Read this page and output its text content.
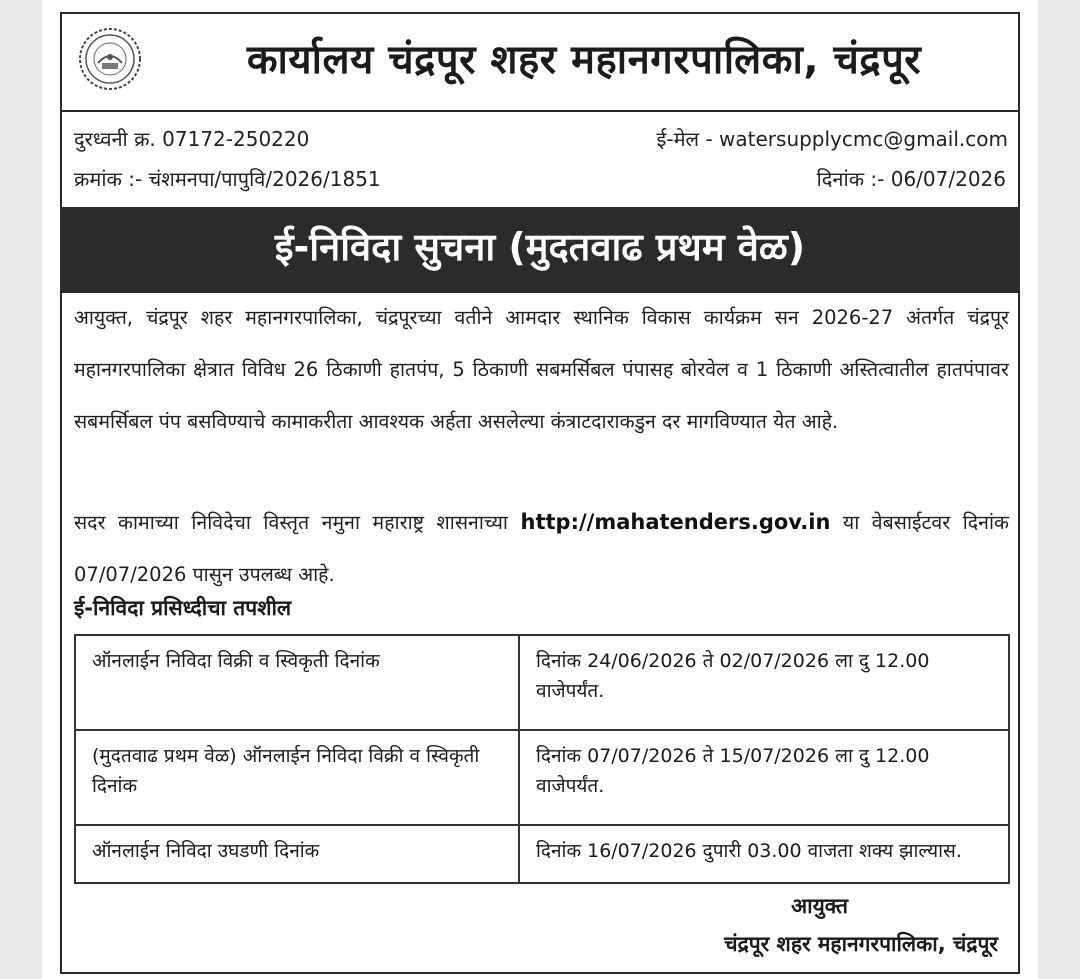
कार्यालय चंद्रपूर शहर महानगरपालिका, चंद्रपूर
दुरध्वनी क्र. 07172-250220	ई-मेल - watersupplycmc@gmail.com
क्रमांक :- चंशमनपा/पापुवि/2026/1851	दिनांक :- 06/07/2026
ई-निविदा सुचना (मुदतवाढ प्रथम वेळ)
आयुक्त, चंद्रपूर शहर महानगरपालिका, चंद्रपूरच्या वतीने आमदार स्थानिक विकास कार्यक्रम सन 2026-27 अंतर्गत चंद्रपूर महानगरपालिका क्षेत्रात विविध 26 ठिकाणी हातपंप, 5 ठिकाणी सबमर्सिबल पंपासह बोरवेल व 1 ठिकाणी अस्तित्वातील हातपंपावर सबमर्सिबल पंप बसविण्याचे कामाकरीता आवश्यक अर्हता असलेल्या कंत्राटदाराकडुन दर मागविण्यात येत आहे.
सदर कामाच्या निविदेचा विस्तृत नमुना महाराष्ट्र शासनाच्या http://mahatenders.gov.in या वेबसाईटवर दिनांक 07/07/2026 पासुन उपलब्ध आहे.
ई-निविदा प्रसिध्दीचा तपशील
ऑनलाईन निविदा विक्री व स्विकृती दिनांक	दिनांक 24/06/2026 ते 02/07/2026 ला दु 12.00 वाजेपर्यंत.
(मुदतवाढ प्रथम वेळ) ऑनलाईन निविदा विक्री व स्विकृती दिनांक	दिनांक 07/07/2026 ते 15/07/2026 ला दु 12.00 वाजेपर्यंत.
ऑनलाईन निविदा उघडणी दिनांक	दिनांक 16/07/2026 दुपारी 03.00 वाजता शक्य झाल्यास.
आयुक्त
चंद्रपूर शहर महानगरपालिका, चंद्रपूर
